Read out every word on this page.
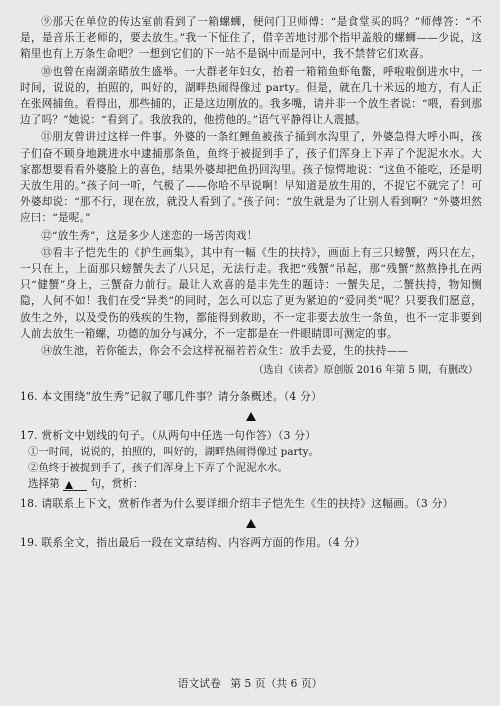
⑨那天在单位的传达室前看到了一箱螺蛳，便问门卫师傅：“是食堂买的吗？”师傅答：“不是，是音乐王老师的，要去放生。”我一下怔住了，借辛苦地讨那个指甲盖般的螺蛳——少说，这箱里也有上万条生命吧？一想到它们的下一站不是锅中而是河中，我不禁替它们欢喜。

⑩也曾在南湖亲睹放生盛举。一大群老年妇女，抬着一箱箱鱼虾龟鳖，呼啦啦倒进水中，一时间，说说的，拍照的，叫好的，湖畔热闹得像过 party。但是，就在几十米远的地方，有人正在张网捕鱼。看得出，那些捕的，正是这边刚放的。我多嘴，请并非一个放生者说：“喂，看到那边了吗？”她说：“看到了。我放我的，他捞他的。”语气平静得让人震撼。

⑪朋友曾讲过这样一件事。外婆的一条红鲤鱼被孩子捅到水沟里了，外婆急得大呼小叫，孩子们奋不顾身地跳进水中逮捕那条鱼，鱼终于被捉到手了，孩子们浑身上下弄了个泥泥水水。大家都想要看看外婆脸上的喜色，结果外婆却把鱼扔回沟里。孩子惊愕地说：“这鱼不能吃，还是明天放生用的。”孩子问一听，气极了——你哈不早说啊！早知道是放生用的，不捉它不就完了！可外婆却说：“那不行，现在放，就没人看到了。”孩子问：“放生就是为了让别人看到啊？”外婆坦然应曰：“是呢。”

⑫“放生秀”，这是多少人迷恋的一场苦肉戏！

⑬看丰子恺先生的《护生画集》，其中有一幅《生的扶持》，画面上有三只螃蟹，两只在左，一只在上，上面那只螃蟹失去了八只足，无法行走。我把“残蟹”吊起，那“残蟹”熬熬挣扎在两只“健蟹”身上，三蟹奋力前行。最让人欢喜的是丰先生的题诗：一蟹失足，二蟹扶持，物知恻隐，人何不如！我们在受“异类”的同时，怎么可以忘了更为紧迫的“爱同类”呢？只要我们愿意，放生之外，以及受伤的残疾的生物，都能得到救助，不一定非要去放生一条鱼，也不一定非要到人前去放生一箱螺，功德的加分与减分，不一定都是在一件眼睛即可测定的事。

⑭放生池，若你能去，你会不会这样祝福若若众生：放手去爱，生的扶持——

（选自《读者》原创版 2016 年第 5 期，有删改）

16. 本文围绕“放生秀”记叙了哪几件事？请分条概述。（4 分）

17. 赏析文中划线的句子。（从两句中任选一句作答）（3 分）

①一时间，说说的，拍照的，叫好的，湖畔热闹得像过 party。

②鱼终于被捉到手了，孩子们浑身上下弄了个泥泥水水。

选择第	句，赏析：

18. 请联系上下文，赏析作者为什么要详细介绍丰子恺先生《生的扶持》这幅画。（3 分）

19. 联系全文，指出最后一段在文章结构、内容两方面的作用。（4 分）

语文试卷 第 5 页（共 6 页）
